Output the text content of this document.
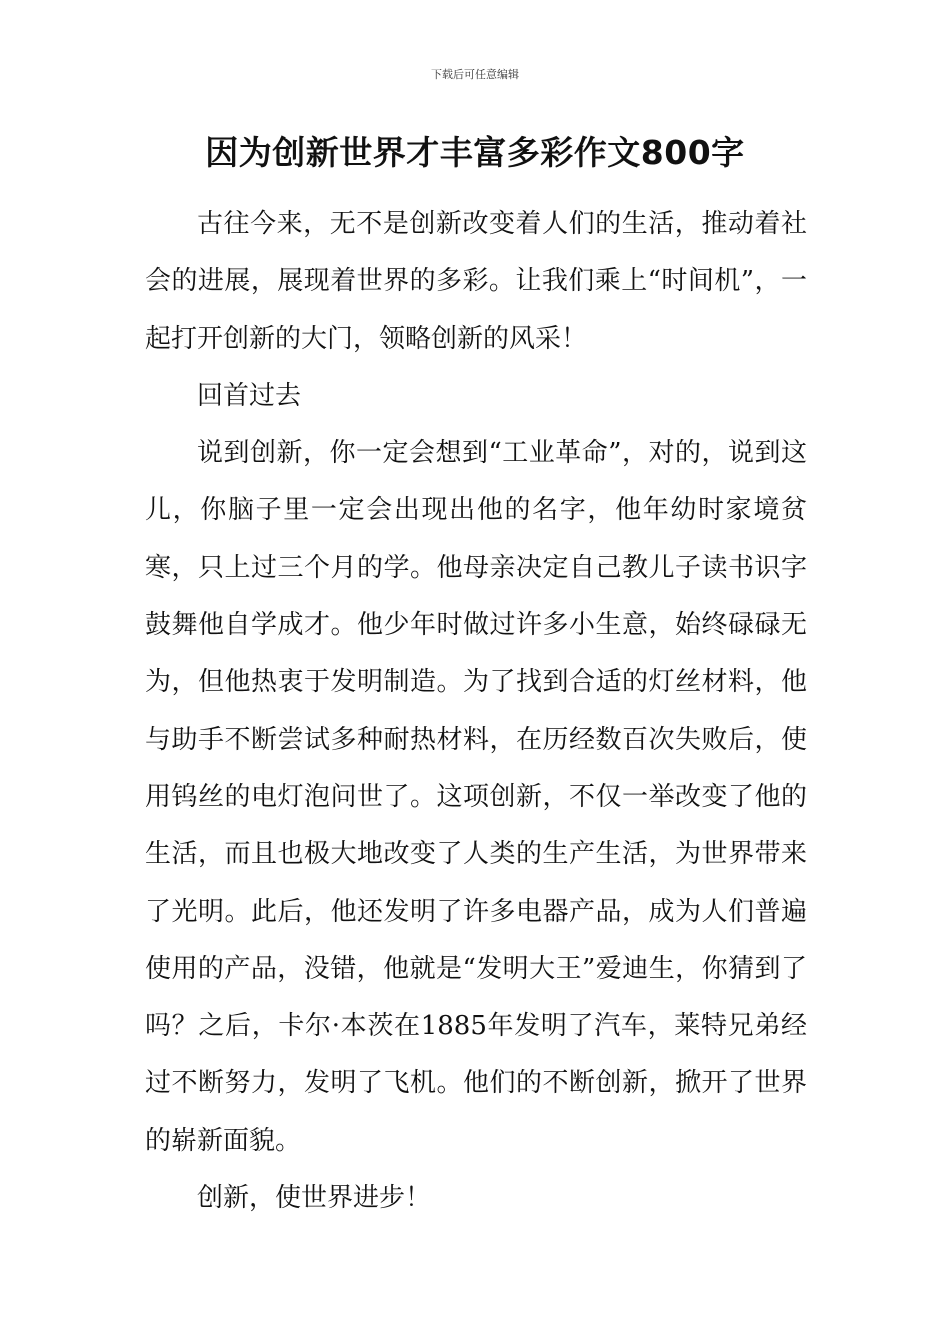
下载后可任意编辑
因为创新世界才丰富多彩作文800字

古往今来，无不是创新改变着人们的生活，推动着社会的进展，展现着世界的多彩。让我们乘上“时间机”，一起打开创新的大门，领略创新的风采！

回首过去

说到创新，你一定会想到“工业革命”，对的，说到这儿，你脑子里一定会出现出他的名字，他年幼时家境贫寒，只上过三个月的学。他母亲决定自己教儿子读书识字鼓舞他自学成才。他少年时做过许多小生意，始终碌碌无为，但他热衷于发明制造。为了找到合适的灯丝材料，他与助手不断尝试多种耐热材料，在历经数百次失败后，使用钨丝的电灯泡问世了。这项创新，不仅一举改变了他的生活，而且也极大地改变了人类的生产生活，为世界带来了光明。此后，他还发明了许多电器产品，成为人们普遍使用的产品，没错，他就是“发明大王”爱迪生，你猜到了吗？之后，卡尔·本茨在1885年发明了汽车，莱特兄弟经过不断努力，发明了飞机。他们的不断创新，掀开了世界的崭新面貌。

创新，使世界进步！
